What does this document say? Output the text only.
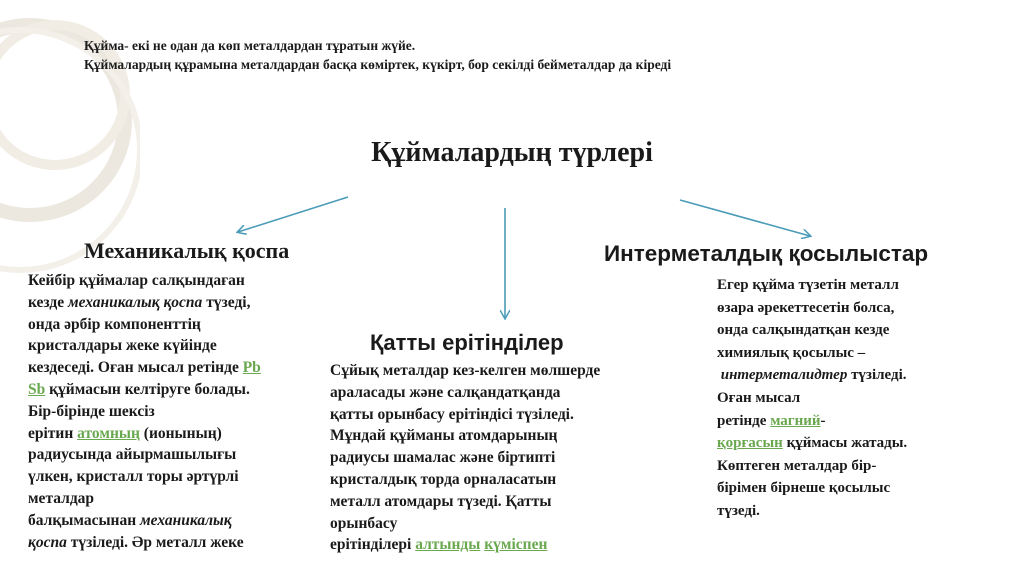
Құйма- екі не одан да көп металдардан тұратын жүйе.
Құймалардың құрамына металдардан басқа көміртек, күкірт, бор секілді бейметалдар да кіреді
Құймалардың түрлері
Механикалық қоспа	Интерметалдық қосылыстар
Қатты ерітінділер
Кейбір құймалар салқындаған
кезде механикалық қоспа түзеді,
онда әрбір компоненттің
кристалдары жеке күйінде
кездеседі. Оған мысал ретінде Pb
Sb құймасын келтіруге болады.
Бір-бірінде шексіз
ерітин атомның (ионының)
радиусында айырмашылығы
үлкен, кристалл торы әртүрлі
металдар
балқымасынан механикалық
қоспа түзіледі. Әр металл жеке
Сұйық металдар кез-келген мөлшерде
араласады және салқандатқанда
қатты орынбасу ерітіндісі түзіледі.
Мұндай құйманы атомдарының
радиусы шамалас және біртипті
кристалдық торда орналасатын
металл атомдары түзеді. Қатты
орынбасу
ерітінділері алтынды күміспен
Егер құйма түзетін металл
өзара әрекеттесетін болса,
онда салқындатқан кезде
химиялық қосылыс –
интерметалидтер түзіледі.
Оған мысал
ретінде магний-
қорғасын құймасы жатады.
Көптеген металдар бір-
бірімен бірнеше қосылыс
түзеді.
